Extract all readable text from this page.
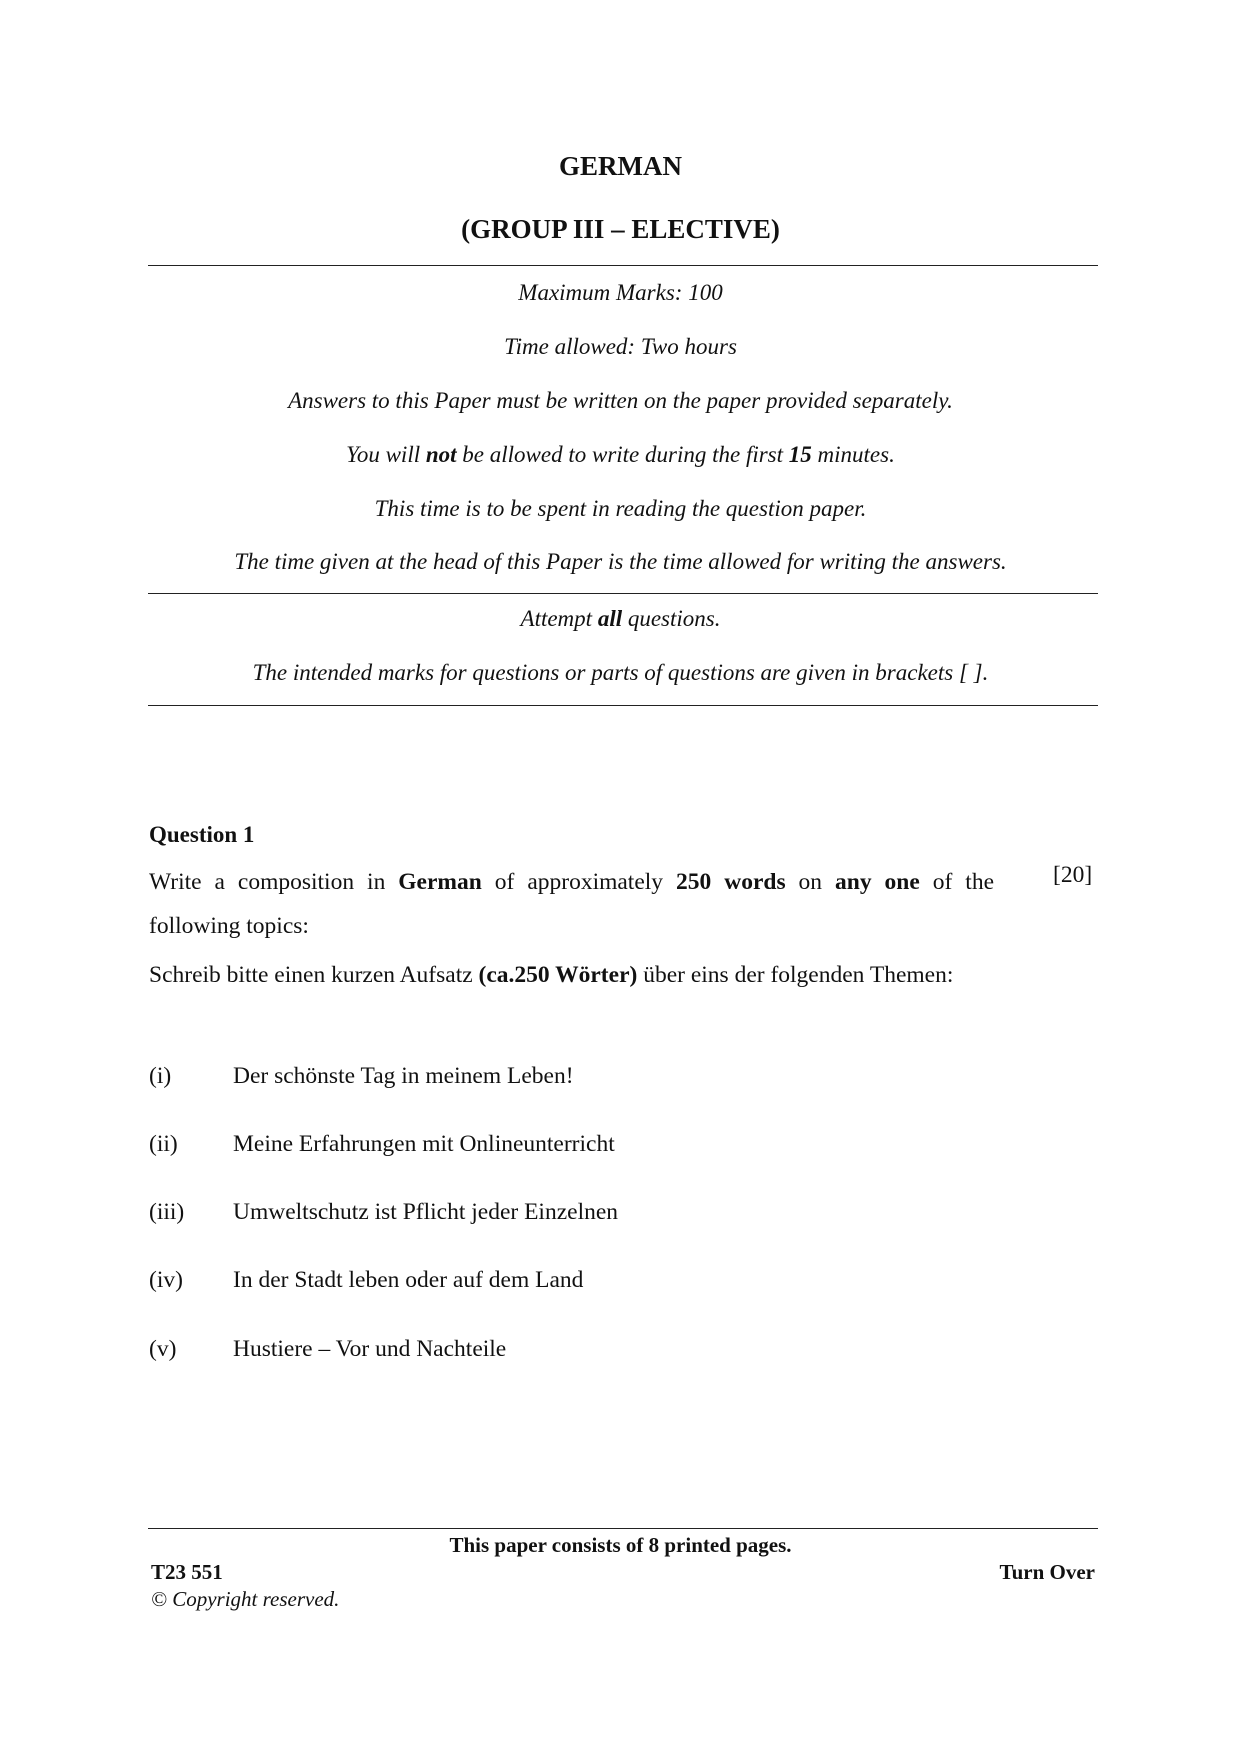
GERMAN
(GROUP III – ELECTIVE)
Maximum Marks: 100
Time allowed: Two hours
Answers to this Paper must be written on the paper provided separately.
You will not be allowed to write during the first 15 minutes.
This time is to be spent in reading the question paper.
The time given at the head of this Paper is the time allowed for writing the answers.
Attempt all questions.
The intended marks for questions or parts of questions are given in brackets [ ].
Question 1
[20]
Write a composition in German of approximately 250 words on any one of the following topics:
Schreib bitte einen kurzen Aufsatz (ca.250 Wörter) über eins der folgenden Themen:
(i)	Der schönste Tag in meinem Leben!
(ii) Meine Erfahrungen mit Onlineunterricht
(iii) Umweltschutz ist Pflicht jeder Einzelnen
(iv) In der Stadt leben oder auf dem Land
(v) Hustiere – Vor und Nachteile
This paper consists of 8 printed pages.
T23 551
© Copyright reserved.
Turn Over
